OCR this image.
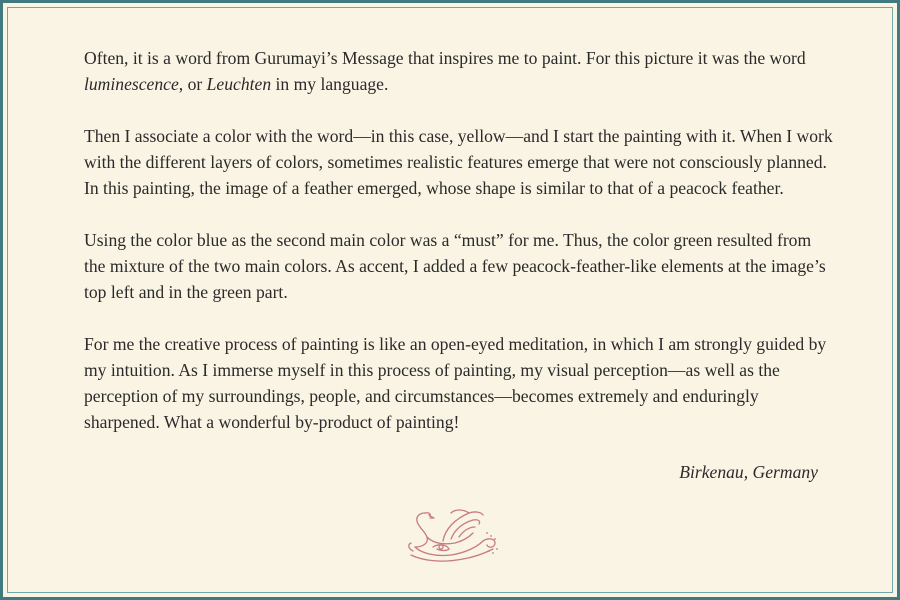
Often, it is a word from Gurumayi’s Message that inspires me to paint. For this picture it was the word luminescence, or Leuchten in my language.

Then I associate a color with the word—in this case, yellow—and I start the painting with it. When I work with the different layers of colors, sometimes realistic features emerge that were not consciously planned. In this painting, the image of a feather emerged, whose shape is similar to that of a peacock feather.

Using the color blue as the second main color was a “must” for me. Thus, the color green resulted from the mixture of the two main colors. As accent, I added a few peacock-feather-like elements at the image’s top left and in the green part.

For me the creative process of painting is like an open-eyed meditation, in which I am strongly guided by my intuition. As I immerse myself in this process of painting, my visual perception—as well as the perception of my surroundings, people, and circumstances—becomes extremely and enduringly sharpened. What a wonderful by-product of painting!

Birkenau, Germany
